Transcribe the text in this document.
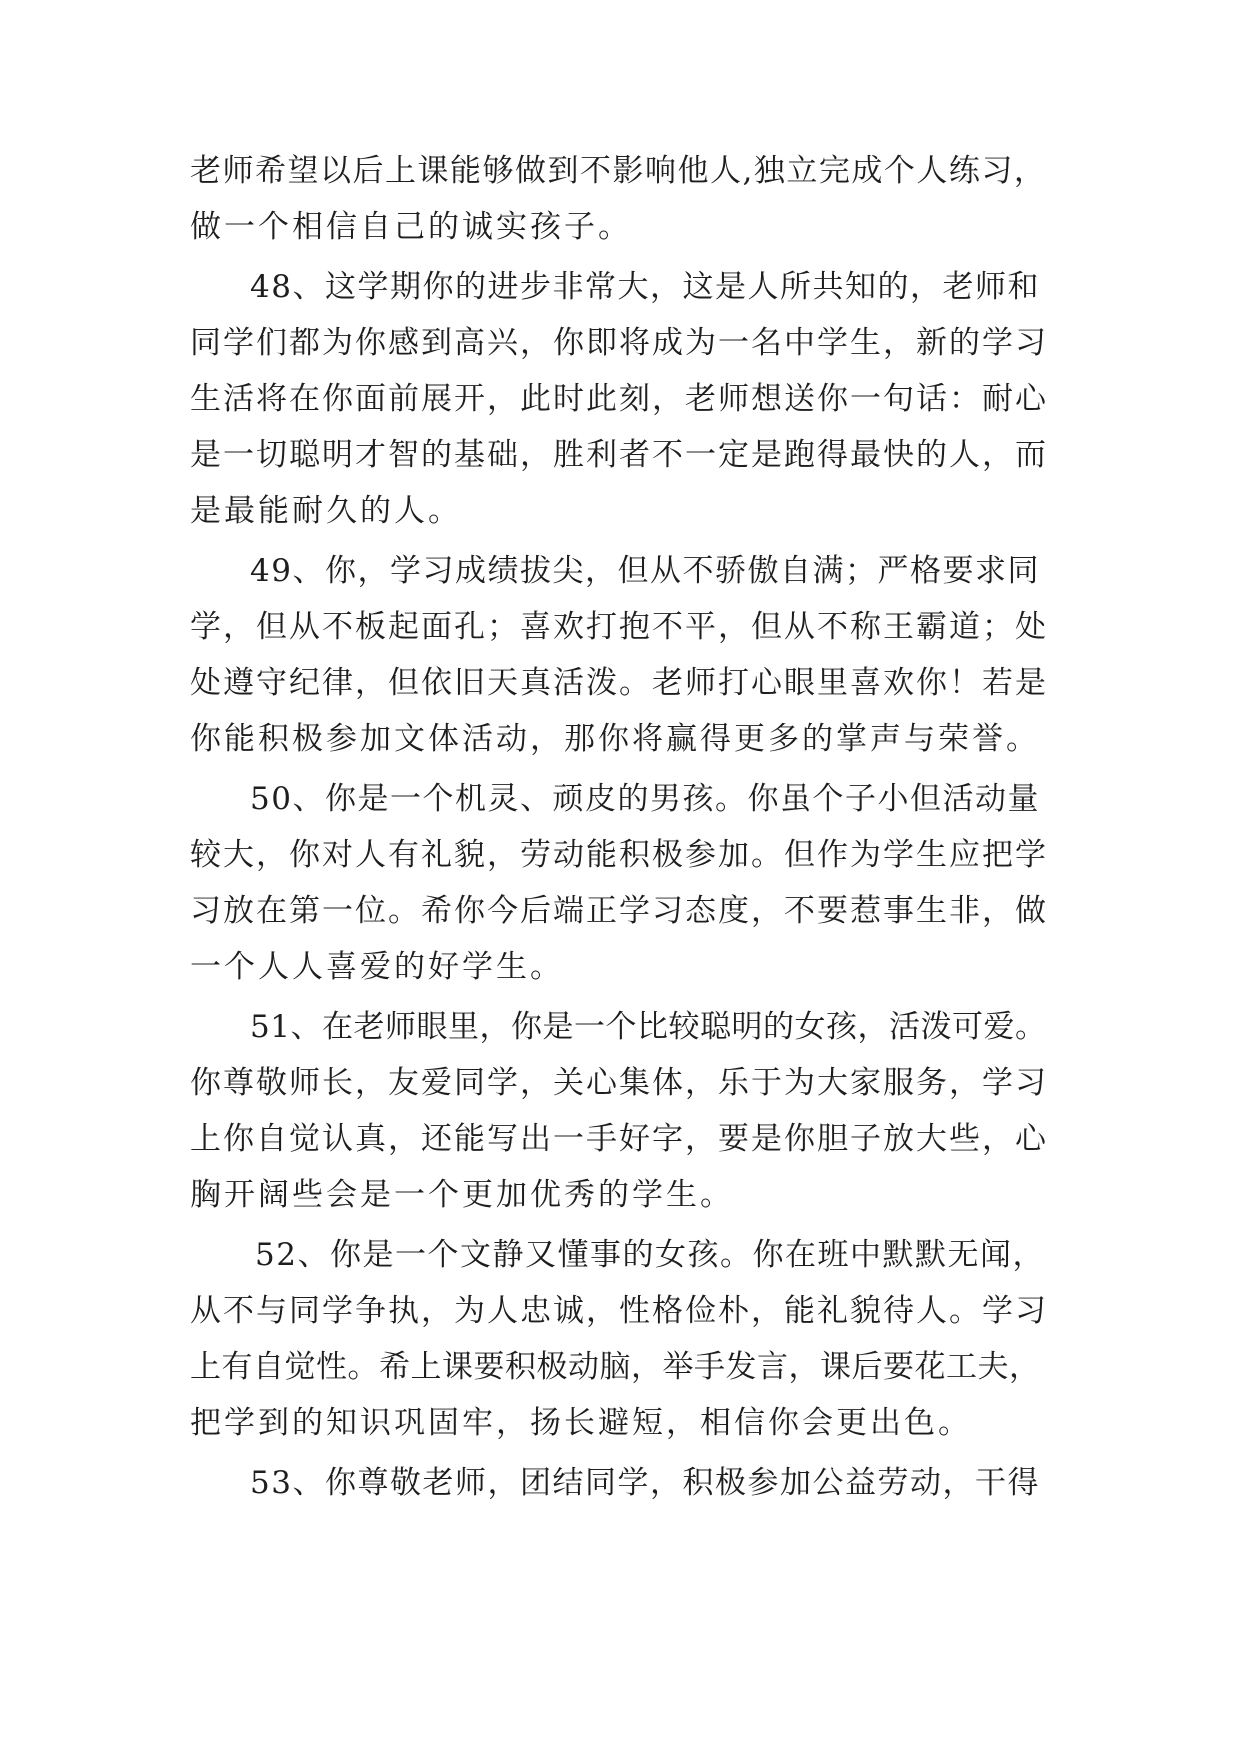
老师希望以后上课能够做到不影响他人,独立完成个人练习，
做一个相信自己的诚实孩子。
48、这学期你的进步非常大，这是人所共知的，老师和
同学们都为你感到高兴，你即将成为一名中学生，新的学习
生活将在你面前展开，此时此刻，老师想送你一句话：耐心
是一切聪明才智的基础，胜利者不一定是跑得最快的人，而
是最能耐久的人。
49、你，学习成绩拔尖，但从不骄傲自满；严格要求同
学，但从不板起面孔；喜欢打抱不平，但从不称王霸道；处
处遵守纪律，但依旧天真活泼。老师打心眼里喜欢你！若是
你能积极参加文体活动，那你将赢得更多的掌声与荣誉。
50、你是一个机灵、顽皮的男孩。你虽个子小但活动量
较大，你对人有礼貌，劳动能积极参加。但作为学生应把学
习放在第一位。希你今后端正学习态度，不要惹事生非，做
一个人人喜爱的好学生。
51、在老师眼里，你是一个比较聪明的女孩，活泼可爱。
你尊敬师长，友爱同学，关心集体，乐于为大家服务，学习
上你自觉认真，还能写出一手好字，要是你胆子放大些，心
胸开阔些会是一个更加优秀的学生。
52、你是一个文静又懂事的女孩。你在班中默默无闻，
从不与同学争执，为人忠诚，性格俭朴，能礼貌待人。学习
上有自觉性。希上课要积极动脑，举手发言，课后要花工夫，
把学到的知识巩固牢，扬长避短，相信你会更出色。
53、你尊敬老师，团结同学，积极参加公益劳动，干得
